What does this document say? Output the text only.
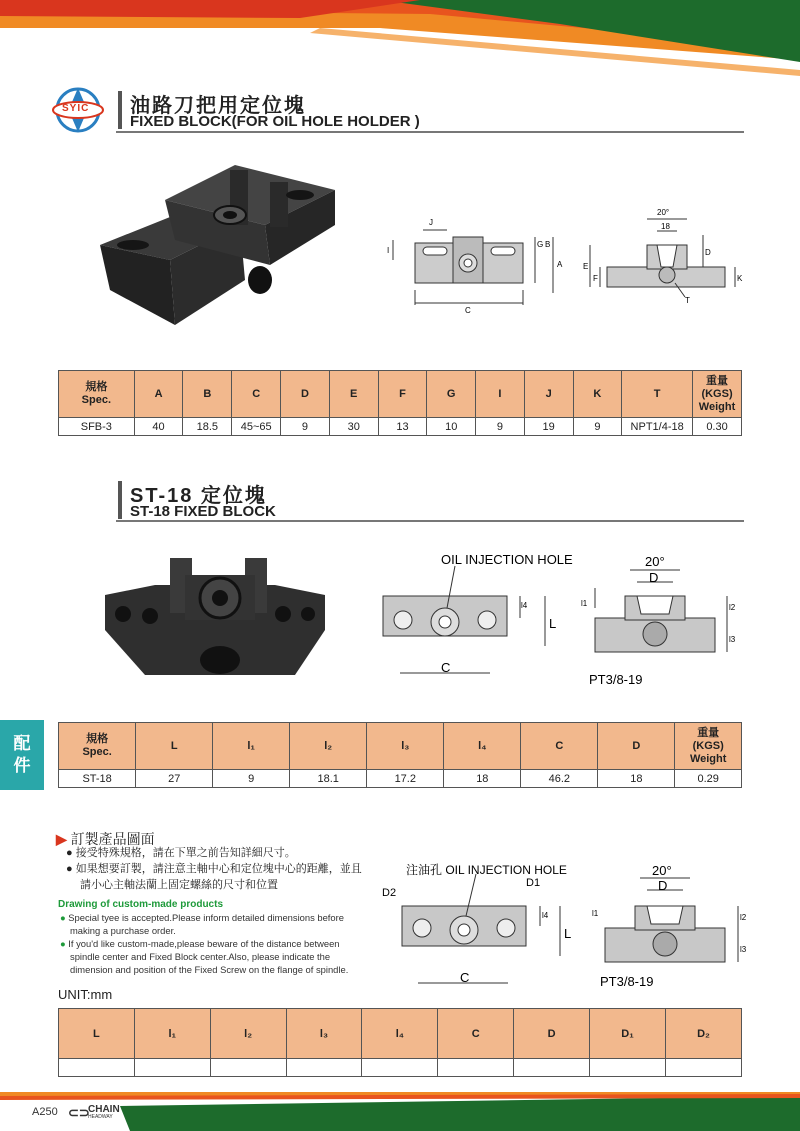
SYIC 油路刀把用定位塊
FIXED BLOCK(FOR OIL HOLE HOLDER )
J
I
G B
A
C
20°
18
D
E
F	K
T
規格
Spec.	A	B	C	D	E	F	G	I	J	K	T	重量
(KGS)
Weight
SFB-3	40	18.5	45~65	9	30	13	10	9	19	9	NPT1/4-18	0.30
ST-18 定位塊
ST-18 FIXED BLOCK
OIL INJECTION HOLE	20°
D
C
L
PT3/8-19
l4	l1	l2
l3
配
件
規格
Spec.	L	l₁	l₂	l₃	l₄	C	D	重量
(KGS)
Weight
ST-18	27	9	18.1	17.2	18	46.2	18	0.29
▶ 訂製產品圖面
● 接受特殊規格，請在下單之前告知詳細尺寸。
● 如果想要訂製，請注意主軸中心和定位塊中心的距離，並且
請小心主軸法蘭上固定螺絲的尺寸和位置
Drawing of custom-made products
● Special tyee is accepted.Please inform detailed dimensions before making a purchase order.
● If you'd like custom-made,please beware of the distance between spindle center and Fixed Block center.Also, please indicate the dimension and position of the Fixed Screw on the flange of spindle.
UNIT:mm
注油孔 OIL INJECTION HOLE	20°
D
C
L
PT3/8-19
D2
D1
l4	l1	l2
l3
L	l₁	l₂	l₃	l₄	C	D	D₁	D₂

A250 ⊂⊃
CHAIN
HEADWAY
